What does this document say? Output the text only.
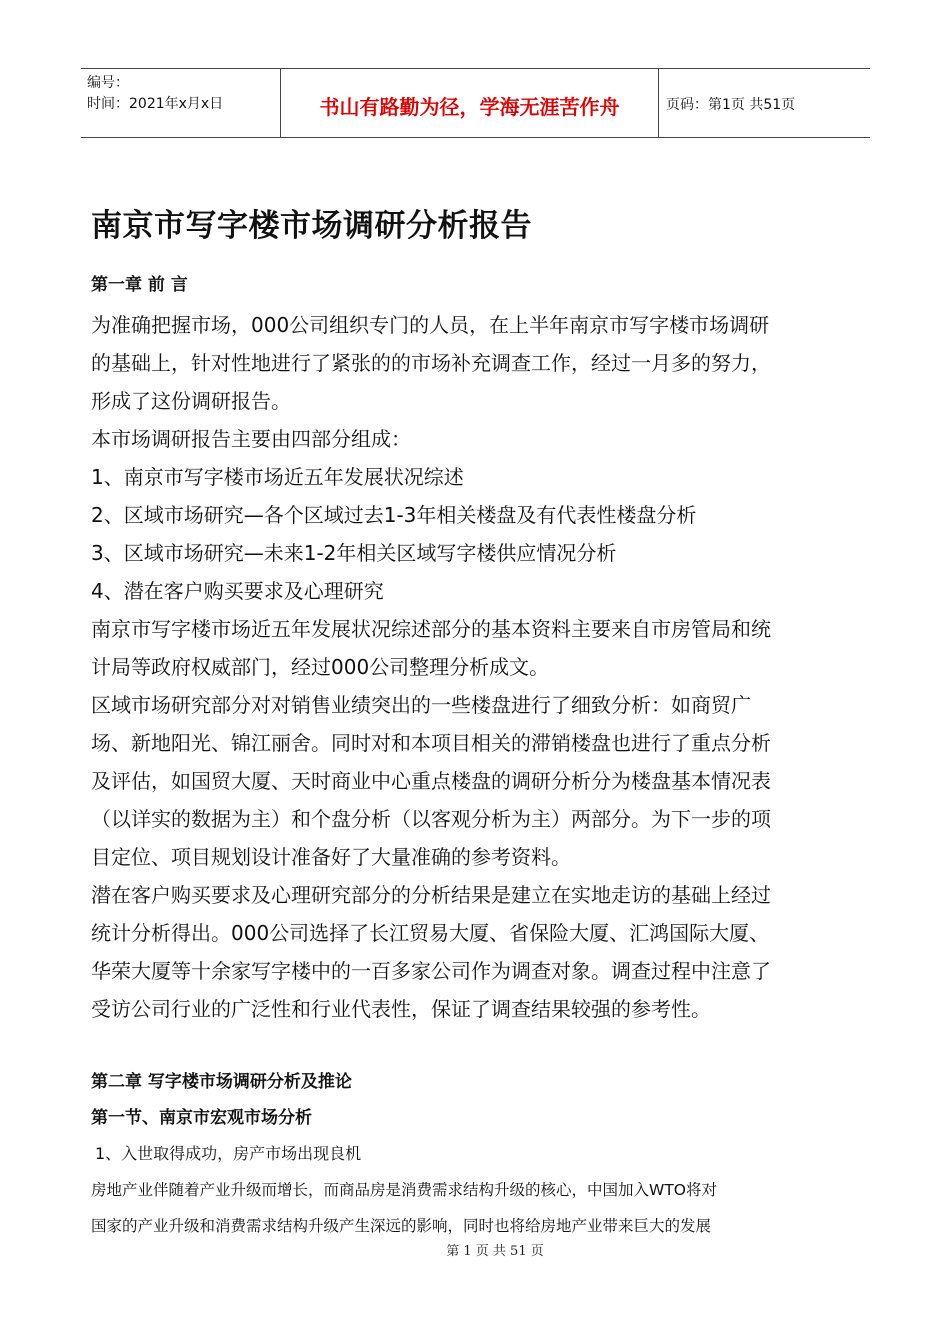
编号：
时间：2021年x月x日	书山有路勤为径，学海无涯苦作舟	页码：第1页 共51页
南京市写字楼市场调研分析报告
第一章 前 言

为准确把握市场，000公司组织专门的人员，在上半年南京市写字楼市场调研

的基础上，针对性地进行了紧张的的市场补充调查工作，经过一月多的努力，

形成了这份调研报告。

本市场调研报告主要由四部分组成：

1、南京市写字楼市场近五年发展状况综述

2、区域市场研究—各个区域过去1-3年相关楼盘及有代表性楼盘分析

3、区域市场研究—未来1-2年相关区域写字楼供应情况分析

4、潜在客户购买要求及心理研究

南京市写字楼市场近五年发展状况综述部分的基本资料主要来自市房管局和统

计局等政府权威部门，经过000公司整理分析成文。

区域市场研究部分对对销售业绩突出的一些楼盘进行了细致分析：如商贸广

场、新地阳光、锦江丽舍。同时对和本项目相关的滞销楼盘也进行了重点分析

及评估，如国贸大厦、天时商业中心重点楼盘的调研分析分为楼盘基本情况表

（以详实的数据为主）和个盘分析（以客观分析为主）两部分。为下一步的项

目定位、项目规划设计准备好了大量准确的参考资料。

潜在客户购买要求及心理研究部分的分析结果是建立在实地走访的基础上经过

统计分析得出。000公司选择了长江贸易大厦、省保险大厦、汇鸿国际大厦、

华荣大厦等十余家写字楼中的一百多家公司作为调查对象。调查过程中注意了

受访公司行业的广泛性和行业代表性，保证了调查结果较强的参考性。

第二章 写字楼市场调研分析及推论
第一节、南京市宏观市场分析
1、入世取得成功，房产市场出现良机

房地产业伴随着产业升级而增长，而商品房是消费需求结构升级的核心，中国加入WTO将对

国家的产业升级和消费需求结构升级产生深远的影响，同时也将给房地产业带来巨大的发展

第 1 页 共 51 页
